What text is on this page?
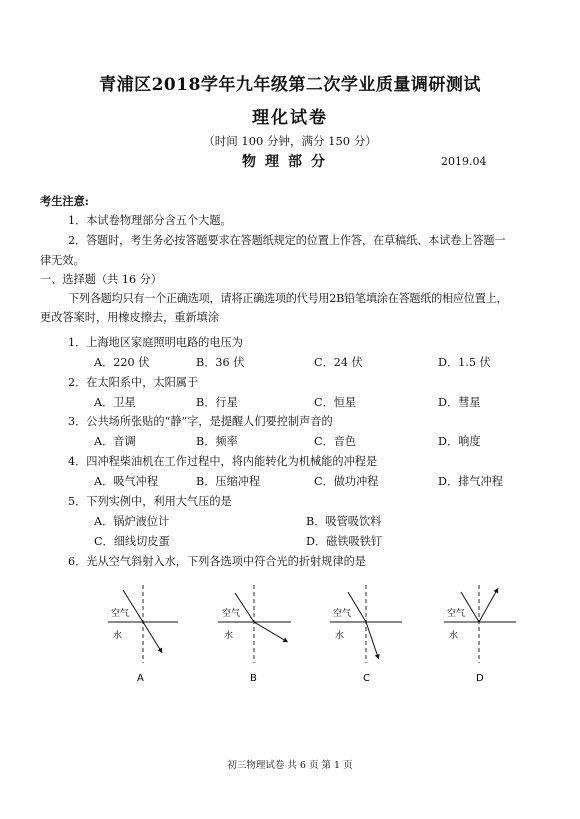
青浦区2018学年九年级第二次学业质量调研测试
理化试卷
（时间 100 分钟，满分 150 分）
物理部分	2019.04
考生注意:
1．本试卷物理部分含五个大题。
2．答题时，考生务必按答题要求在答题纸规定的位置上作答，在草稿纸、本试卷上答题一
律无效。
一、选择题（共 16 分）
下列各题均只有一个正确选项，请将正确选项的代号用2B铅笔填涂在答题纸的相应位置上，
更改答案时，用橡皮擦去，重新填涂
1．上海地区家庭照明电路的电压为
A．220 伏	B．36 伏	C．24 伏	D．1.5 伏
2．在太阳系中，太阳属于
A．卫星	B．行星	C．恒星	D．彗星
3．公共场所张贴的“静”字，是提醒人们要控制声音的
A．音调	B．频率	C．音色	D．响度
4．四冲程柴油机在工作过程中，将内能转化为机械能的冲程是
A．吸气冲程	B．压缩冲程	C．做功冲程	D．排气冲程
5．下列实例中，利用大气压的是
A．锅炉液位计	B．吸管吸饮料
C．细线切皮蛋	D．磁铁吸铁钉
6．光从空气斜射入水，下列各选项中符合光的折射规律的是
空气
水
A
空气
水
B
空气
水
C
空气
水
D
初三物理试卷 共 6 页 第 1 页
